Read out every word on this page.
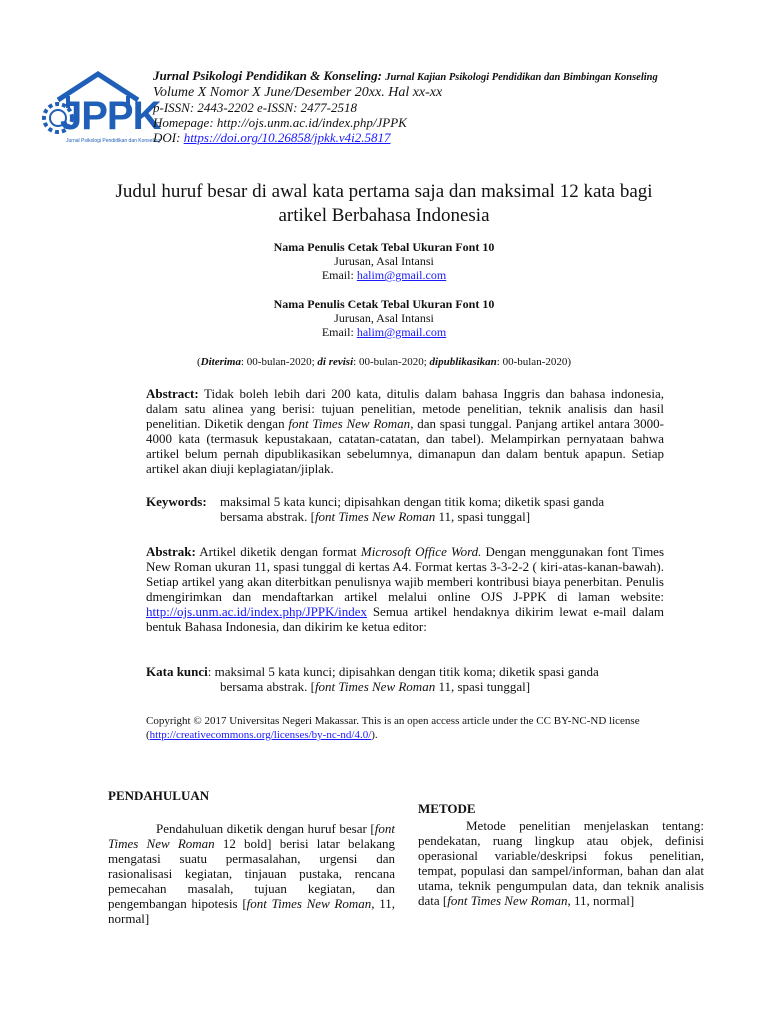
JPPK
Jurnal Psikologi Pendidikan dan Konseling
Jurnal Psikologi Pendidikan & Konseling: Jurnal Kajian Psikologi Pendidikan dan Bimbingan Konseling
Volume X Nomor X June/Desember 20xx. Hal xx-xx
p-ISSN: 2443-2202 e-ISSN: 2477-2518
Homepage: http://ojs.unm.ac.id/index.php/JPPK
DOI: https://doi.org/10.26858/jpkk.v4i2.5817
Judul huruf besar di awal kata pertama saja dan maksimal 12 kata bagi artikel Berbahasa Indonesia
Nama Penulis Cetak Tebal Ukuran Font 10
Jurusan, Asal Intansi
Email: halim@gmail.com
Nama Penulis Cetak Tebal Ukuran Font 10
Jurusan, Asal Intansi
Email: halim@gmail.com
(Diterima: 00-bulan-2020; di revisi: 00-bulan-2020; dipublikasikan: 00-bulan-2020)
Abstract: Tidak boleh lebih dari 200 kata, ditulis dalam bahasa Inggris dan bahasa indonesia, dalam satu alinea yang berisi: tujuan penelitian, metode penelitian, teknik analisis dan hasil penelitian. Diketik dengan font Times New Roman, dan spasi tunggal. Panjang artikel antara 3000-4000 kata (termasuk kepustakaan, catatan-catatan, dan tabel). Melampirkan pernyataan bahwa artikel belum pernah dipublikasikan sebelumnya, dimanapun dan dalam bentuk apapun. Setiap artikel akan diuji keplagiatan/jiplak.
Keywords:	maksimal 5 kata kunci; dipisahkan dengan titik koma; diketik spasi ganda
bersama abstrak. [font Times New Roman 11, spasi tunggal]
Abstrak: Artikel diketik dengan format Microsoft Office Word. Dengan menggunakan font Times New Roman ukuran 11, spasi tunggal di kertas A4. Format kertas 3-3-2-2 ( kiri-atas-kanan-bawah). Setiap artikel yang akan diterbitkan penulisnya wajib memberi kontribusi biaya penerbitan. Penulis dmengirimkan dan mendaftarkan artikel melalui online OJS J-PPK di laman website: http://ojs.unm.ac.id/index.php/JPPK/index Semua artikel hendaknya dikirim lewat e-mail dalam bentuk Bahasa Indonesia, dan dikirim ke ketua editor:
Kata kunci: maksimal 5 kata kunci; dipisahkan dengan titik koma; diketik spasi ganda
bersama abstrak. [font Times New Roman 11, spasi tunggal]
Copyright © 2017 Universitas Negeri Makassar. This is an open access article under the CC BY-NC-ND license (http://creativecommons.org/licenses/by-nc-nd/4.0/).
PENDAHULUAN
Pendahuluan diketik dengan huruf besar [font Times New Roman 12 bold] berisi latar belakang mengatasi suatu permasalahan, urgensi dan rasionalisasi kegiatan, tinjauan pustaka, rencana pemecahan masalah, tujuan kegiatan, dan pengembangan hipotesis [font Times New Roman, 11, normal]
METODE
Metode penelitian menjelaskan tentang: pendekatan, ruang lingkup atau objek, definisi operasional variable/deskripsi fokus penelitian, tempat, populasi dan sampel/informan, bahan dan alat utama, teknik pengumpulan data, dan teknik analisis data [font Times New Roman, 11, normal]
